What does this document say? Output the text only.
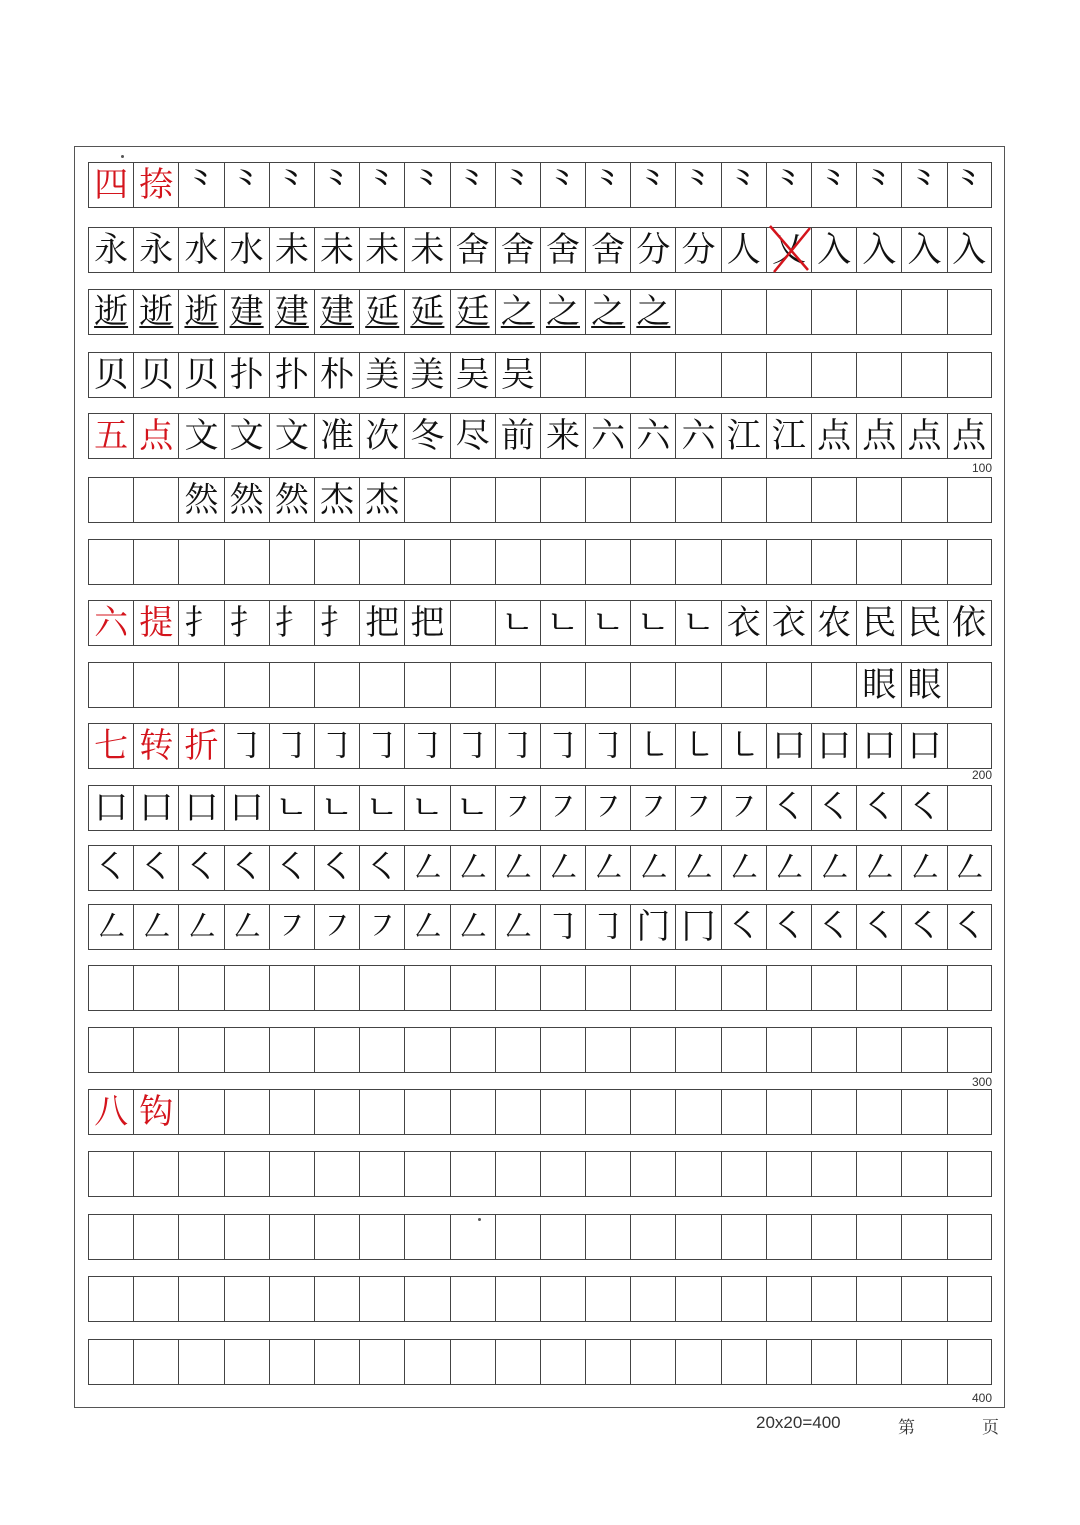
四 捺 ⺀ ⺀ ⺀ ⺀ ⺀ ⺀ ⺀ ⺀ ⺀ ⺀ ⺀ ⺀ ⺀ ⺀ ⺀ ⺀ ⺀ ⺀
永 永 水 水 未 未 未 未 舍 舍 舍 舍 分 分 人 乂 入 入 入 入
逝 逝 逝 建 建 建 延 延 廷 之 之 之 之
贝 贝 贝 扑 扑 朴 美 美 吴 吴
五 点 文 文 文 准 次 冬 尽 前 来 六 六 六 江 江 点 点 点 点
然 然 然 杰 杰
六 提 扌 扌 扌 扌 把 把 ㄴ ㄴ ㄴ ㄴ ㄴ 衣 衣 农 民 民 依
眼 眼
七 转 折 ㇆ ㇆ ㇆ ㇆ ㇆ ㇆ ㇆ ㇆ ㇆ ㇄ ㇄ ㇄ 口 口 口 口
口 口 口 口 ㄴ ㄴ ㄴ ㄴ ㄴ ㇇ ㇇ ㇇ ㇇ ㇇ ㇇ ㇛ ㇛ ㇛ ㇛
㇛ ㇛ ㇛ ㇛ ㇛ ㇛ ㇛ ㇜ ㇜ ㇜ ㇜ ㇜ ㇜ ㇜ ㇜ ㇜ ㇜ ㇜ ㇜ ㇜
㇜ ㇜ ㇜ ㇜ ㇇ ㇇ ㇇ ㇜ ㇜ ㇜ ㇆ ㇆ 门 冂 ㇛ ㇛ ㇛ ㇛ ㇛ ㇛
八 钩
100
200
300
400
20x20=400	第	页
